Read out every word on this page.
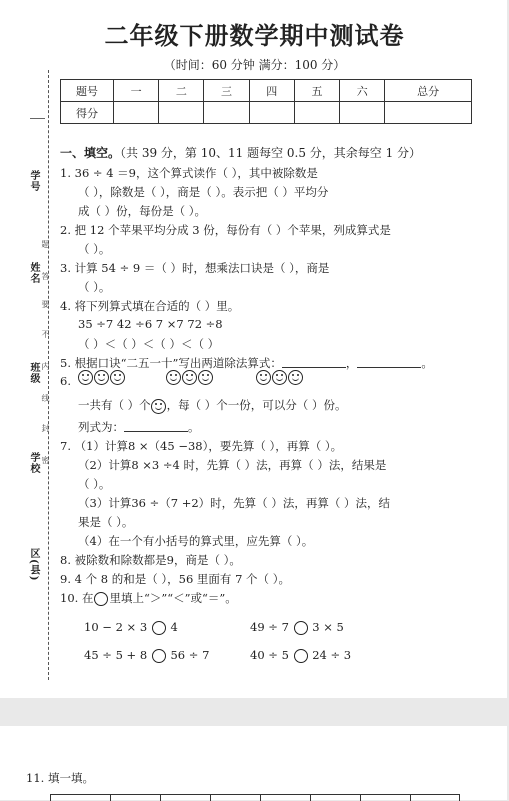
二年级下册数学期中测试卷
（时间：60 分钟 满分：100 分）
题号	一	二	三	四	五	六	总分
得分							
学号
姓名
班级
学校
区(县)
题
答
要
不
内
线
封
密
一、填空。（共 39 分，第 10、11 题每空 0.5 分，其余每空 1 分）
1. 36 ÷ 4 ＝9，这个算式读作（ ），其中被除数是
（ ），除数是（ ），商是（ ）。表示把（ ）平均分
成（ ）份，每份是（ ）。
2. 把 12 个苹果平均分成 3 份，每份有（ ）个苹果，列成算式是
（ ）。
3. 计算 54 ÷ 9 ＝（ ）时，想乘法口诀是（ ），商是
（ ）。
4. 将下列算式填在合适的（ ）里。
35 ÷7 42 ÷6 7 ×7 72 ÷8
（ ）＜（ ）＜（ ）＜（ ）
5. 根据口诀“二五一十”写出两道除法算式：	，	。
6.
一共有（ ）个 ，每（ ）个一份，可以分（ ）份。
列式为：	。
7. （1）计算8 ×（45 −38），要先算（ ），再算（ ）。
（2）计算8 ×3 ÷4 时，先算（ ）法，再算（ ）法，结果是
（ ）。
（3）计算36 ÷（7 +2）时，先算（ ）法，再算（ ）法，结
果是（ ）。
（4）在一个有小括号的算式里，应先算（ ）。
8. 被除数和除数都是9，商是（ ）。
9. 4 个 8 的和是（ ），56 里面有 7 个（ ）。
10. 在 里填上“＞”“＜”或“＝”。
10 − 2 × 3 4	49 ÷ 7 3 × 5
45 ÷ 5 + 8 56 ÷ 7	40 ÷ 5 24 ÷ 3
11. 填一填。
